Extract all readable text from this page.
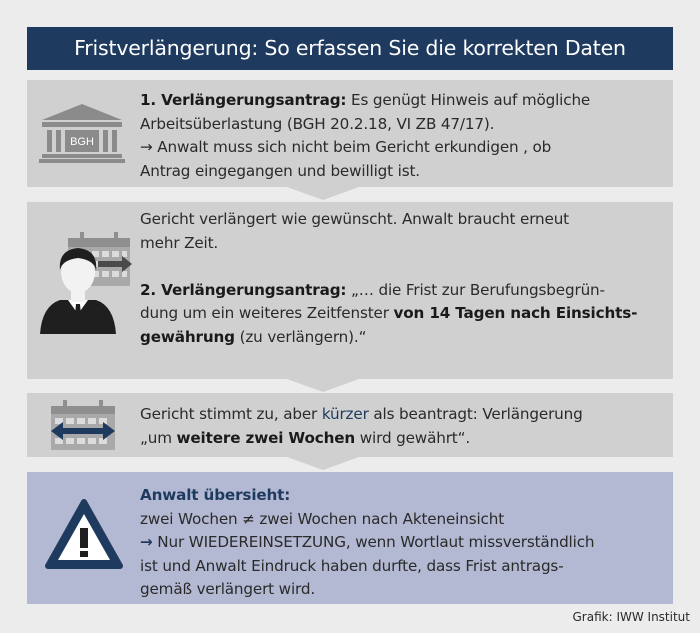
Fristverlängerung: So erfassen Sie die korrekten Daten
BGH
1. Verlängerungsantrag: Es genügt Hinweis auf mögliche
Arbeitsüberlastung (BGH 20.2.18, VI ZB 47/17).
→ Anwalt muss sich nicht beim Gericht erkundigen , ob
Antrag eingegangen und bewilligt ist.
Gericht verlängert wie gewünscht. Anwalt braucht erneut
mehr Zeit.
2. Verlängerungsantrag: „… die Frist zur Berufungsbegrün-
dung um ein weiteres Zeitfenster von 14 Tagen nach Einsichts-
gewährung (zu verlängern).“
Gericht stimmt zu, aber kürzer als beantragt: Verlängerung
„um weitere zwei Wochen wird gewährt“.
Anwalt übersieht:
zwei Wochen ≠ zwei Wochen nach Akteneinsicht
→ Nur WIEDEREINSETZUNG, wenn Wortlaut missverständlich
ist und Anwalt Eindruck haben durfte, dass Frist antrags-
gemäß verlängert wird.
Grafik: IWW Institut
